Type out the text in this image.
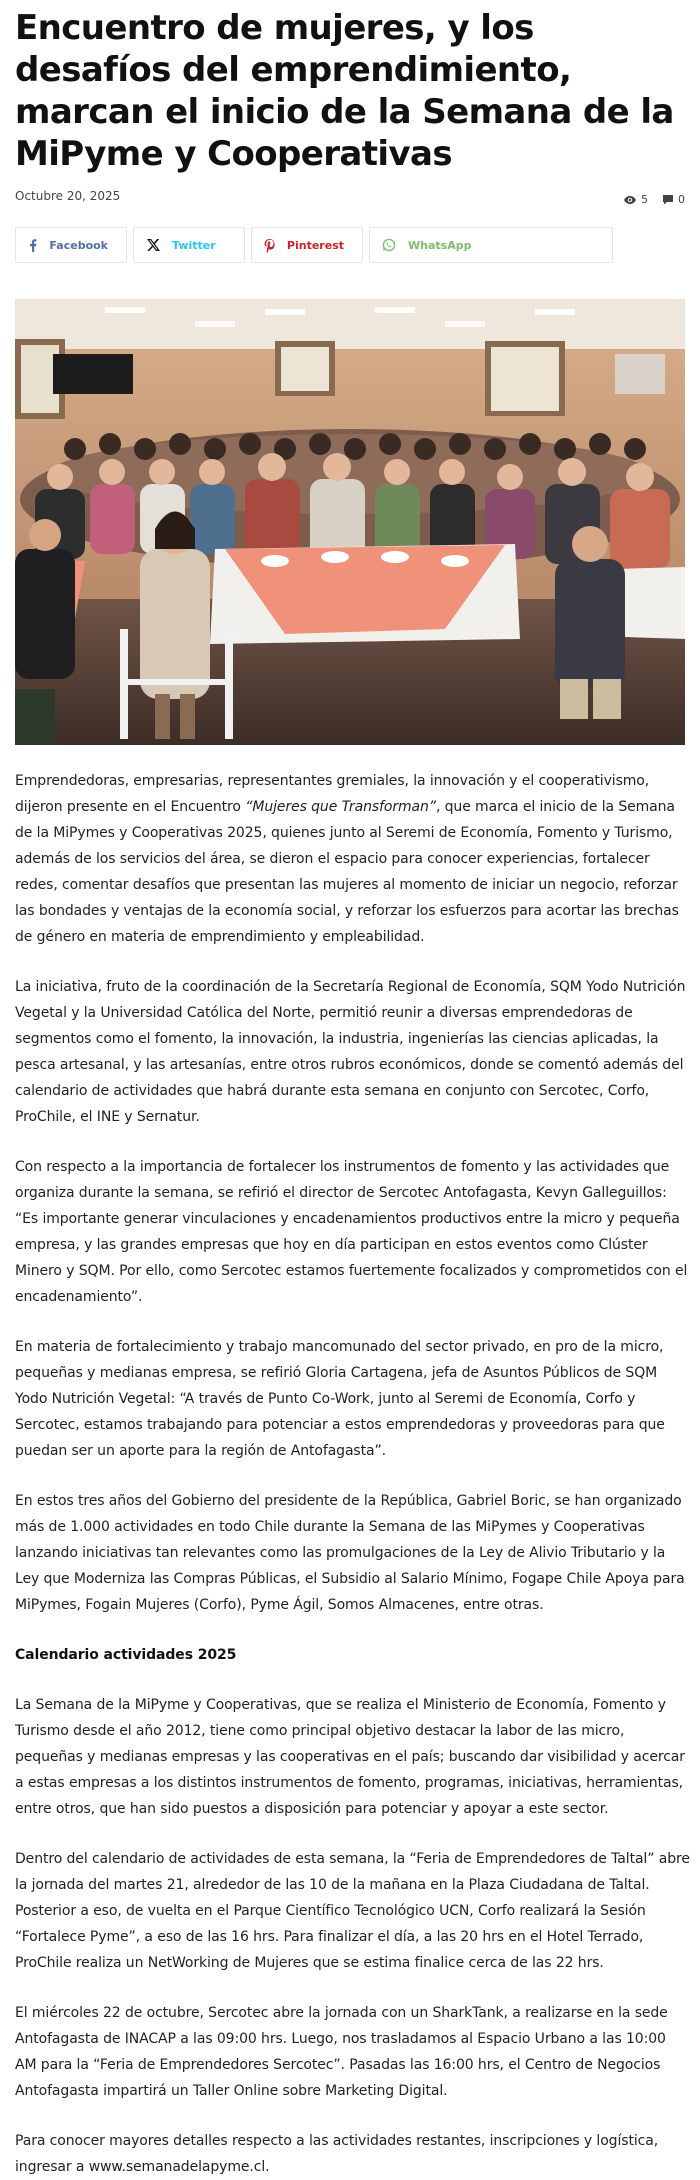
Encuentro de mujeres, y los desafíos del emprendimiento, marcan el inicio de la Semana de la MiPyme y Cooperativas
Octubre 20, 2025	5	0
Facebook	Twitter	Pinterest	WhatsApp

Emprendedoras, empresarias, representantes gremiales, la innovación y el cooperativismo, dijeron presente en el Encuentro “Mujeres que Transforman”, que marca el inicio de la Semana de la MiPymes y Cooperativas 2025, quienes junto al Seremi de Economía, Fomento y Turismo, además de los servicios del área, se dieron el espacio para conocer experiencias, fortalecer redes, comentar desafíos que presentan las mujeres al momento de iniciar un negocio, reforzar las bondades y ventajas de la economía social, y reforzar los esfuerzos para acortar las brechas de género en materia de emprendimiento y empleabilidad.

La iniciativa, fruto de la coordinación de la Secretaría Regional de Economía, SQM Yodo Nutrición Vegetal y la Universidad Católica del Norte, permitió reunir a diversas emprendedoras de segmentos como el fomento, la innovación, la industria, ingenierías las ciencias aplicadas, la pesca artesanal, y las artesanías, entre otros rubros económicos, donde se comentó además del calendario de actividades que habrá durante esta semana en conjunto con Sercotec, Corfo, ProChile, el INE y Sernatur.

Con respecto a la importancia de fortalecer los instrumentos de fomento y las actividades que organiza durante la semana, se refirió el director de Sercotec Antofagasta, Kevyn Galleguillos: “Es importante generar vinculaciones y encadenamientos productivos entre la micro y pequeña empresa, y las grandes empresas que hoy en día participan en estos eventos como Clúster Minero y SQM. Por ello, como Sercotec estamos fuertemente focalizados y comprometidos con el encadenamiento”.

En materia de fortalecimiento y trabajo mancomunado del sector privado, en pro de la micro, pequeñas y medianas empresa, se refirió Gloria Cartagena, jefa de Asuntos Públicos de SQM Yodo Nutrición Vegetal: “A través de Punto Co-Work, junto al Seremi de Economía, Corfo y Sercotec, estamos trabajando para potenciar a estos emprendedoras y proveedoras para que puedan ser un aporte para la región de Antofagasta”.

En estos tres años del Gobierno del presidente de la República, Gabriel Boric, se han organizado más de 1.000 actividades en todo Chile durante la Semana de las MiPymes y Cooperativas lanzando iniciativas tan relevantes como las promulgaciones de la Ley de Alivio Tributario y la Ley que Moderniza las Compras Públicas, el Subsidio al Salario Mínimo, Fogape Chile Apoya para MiPymes, Fogain Mujeres (Corfo), Pyme Ágil, Somos Almacenes, entre otras.

Calendario actividades 2025

La Semana de la MiPyme y Cooperativas, que se realiza el Ministerio de Economía, Fomento y Turismo desde el año 2012, tiene como principal objetivo destacar la labor de las micro, pequeñas y medianas empresas y las cooperativas en el país; buscando dar visibilidad y acercar a estas empresas a los distintos instrumentos de fomento, programas, iniciativas, herramientas, entre otros, que han sido puestos a disposición para potenciar y apoyar a este sector.

Dentro del calendario de actividades de esta semana, la “Feria de Emprendedores de Taltal” abre la jornada del martes 21, alrededor de las 10 de la mañana en la Plaza Ciudadana de Taltal. Posterior a eso, de vuelta en el Parque Científico Tecnológico UCN, Corfo realizará la Sesión “Fortalece Pyme”, a eso de las 16 hrs. Para finalizar el día, a las 20 hrs en el Hotel Terrado, ProChile realiza un NetWorking de Mujeres que se estima finalice cerca de las 22 hrs.

El miércoles 22 de octubre, Sercotec abre la jornada con un SharkTank, a realizarse en la sede Antofagasta de INACAP a las 09:00 hrs. Luego, nos trasladamos al Espacio Urbano a las 10:00 AM para la “Feria de Emprendedores Sercotec”. Pasadas las 16:00 hrs, el Centro de Negocios Antofagasta impartirá un Taller Online sobre Marketing Digital.

Para conocer mayores detalles respecto a las actividades restantes, inscripciones y logística, ingresar a www.semanadelapyme.cl.
